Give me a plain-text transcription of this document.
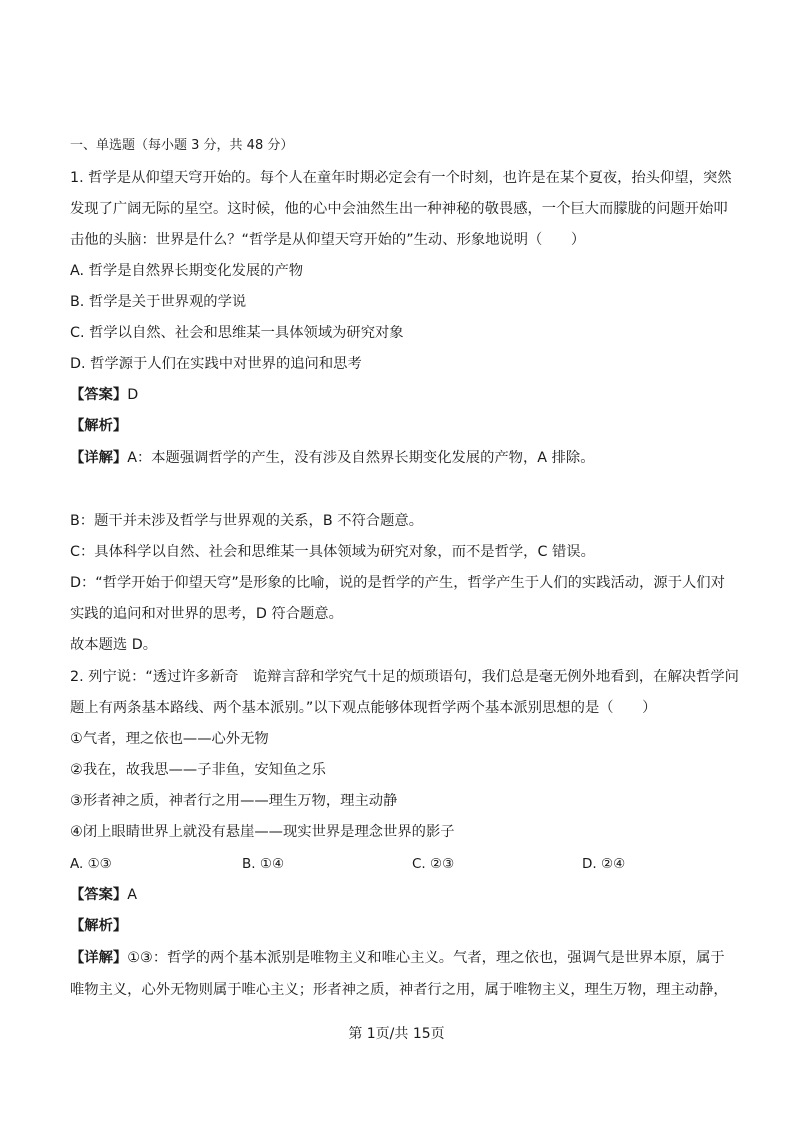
一、单选题（每小题 3 分，共 48 分）
1. 哲学是从仰望天穹开始的。每个人在童年时期必定会有一个时刻，也许是在某个夏夜，抬头仰望，突然
发现了广阔无际的星空。这时候，他的心中会油然生出一种神秘的敬畏感，一个巨大而朦胧的问题开始叩
击他的头脑：世界是什么？“哲学是从仰望天穹开始的”生动、形象地说明（　　）
A. 哲学是自然界长期变化发展的产物
B. 哲学是关于世界观的学说
C. 哲学以自然、社会和思维某一具体领域为研究对象
D. 哲学源于人们在实践中对世界的追问和思考
【答案】D
【解析】
【详解】A：本题强调哲学的产生，没有涉及自然界长期变化发展的产物，A 排除。
B：题干并未涉及哲学与世界观的关系，B 不符合题意。
C：具体科学以自然、社会和思维某一具体领域为研究对象，而不是哲学，C 错误。
D：“哲学开始于仰望天穹”是形象的比喻，说的是哲学的产生，哲学产生于人们的实践活动，源于人们对
实践的追问和对世界的思考，D 符合题意。
故本题选 D。
2. 列宁说：“透过许多新奇　诡辩言辞和学究气十足的烦琐语句，我们总是毫无例外地看到，在解决哲学问
题上有两条基本路线、两个基本派别。”以下观点能够体现哲学两个基本派别思想的是（　　）
①气者，理之依也——心外无物
②我在，故我思——子非鱼，安知鱼之乐
③形者神之质，神者行之用——理生万物，理主动静
④闭上眼睛世界上就没有悬崖——现实世界是理念世界的影子
A. ①③	B. ①④	C. ②③	D. ②④
【答案】A
【解析】
【详解】①③：哲学的两个基本派别是唯物主义和唯心主义。气者，理之依也，强调气是世界本原，属于
唯物主义，心外无物则属于唯心主义；形者神之质，神者行之用，属于唯物主义，理生万物，理主动静，
第 1页/共 15页
